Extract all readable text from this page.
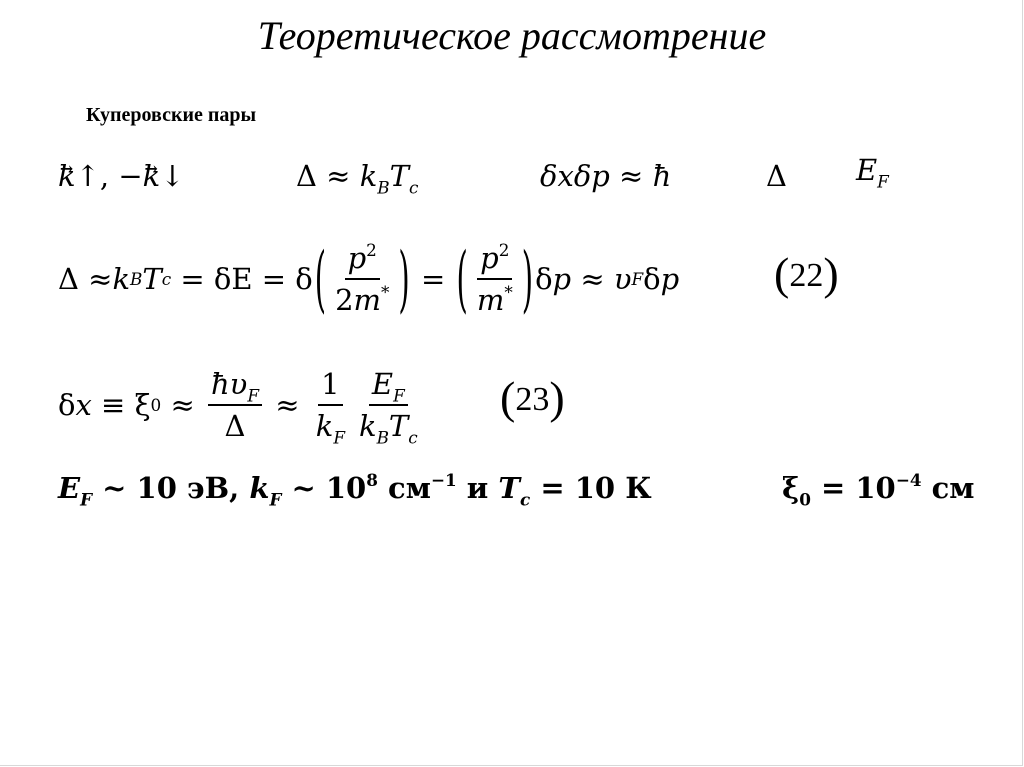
Теоретическое рассмотрение
Куперовские пары
→ k↑, −→ k↓	$\Delta \approx k_BT_c$	δxδp ≈ ħ	Δ $E_F$
Δ ≈ k B T c = δE = δ ( $\frac{p^2}{2m^*}$ ) = ( $\frac{p^2}{m^*}$ ) δ p ≈ υ F δ p (22)
δ x ≡ ξ $0 \approx \frac{ħ\upsilon_F}{\Delta} \approx \frac{1}{k_F} \frac{E_F}{k_BT_c} (23)$
$E_F$ ~ 10 эВ, $k_F$ ~ $10^8$ $см^{-1}$ и $T_c = 10$ К	$\xi_0 = 10^{-4}$ см
